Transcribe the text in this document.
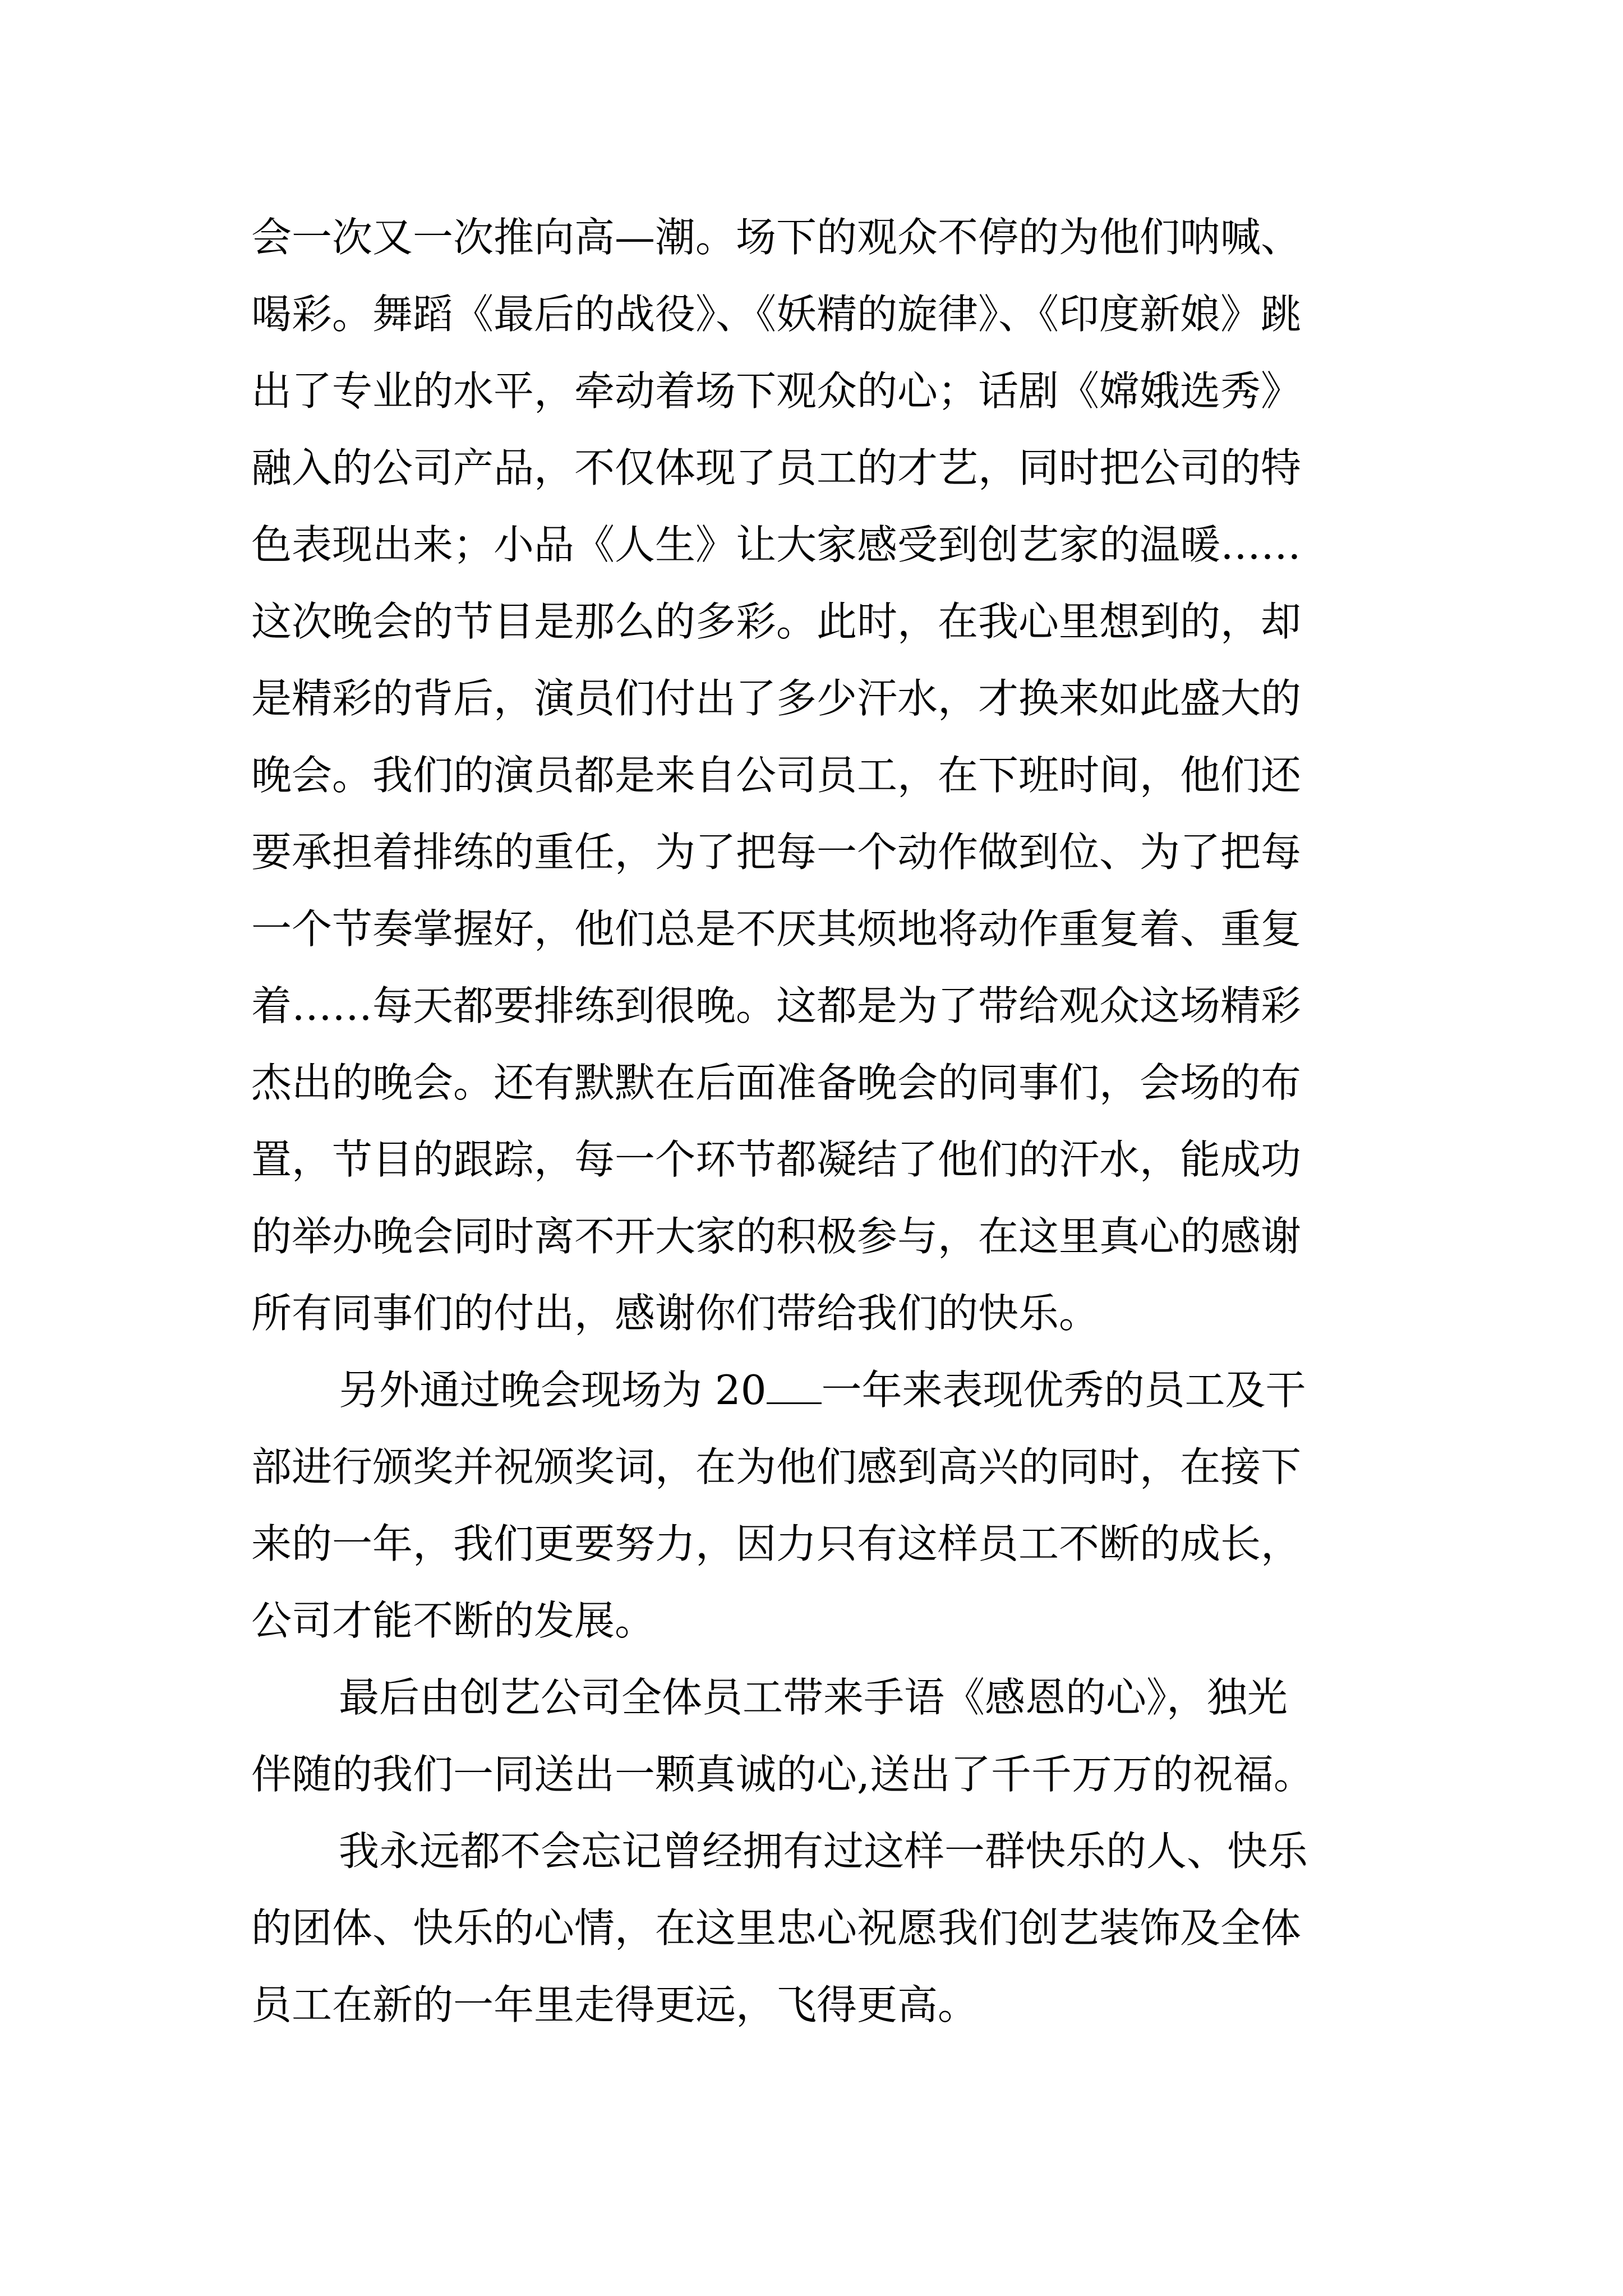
会一次又一次推向高—潮。场下的观众不停的为他们呐喊、

喝彩。舞蹈《最后的战役》、《妖精的旋律》、《印度新娘》跳

出了专业的水平，牵动着场下观众的心；话剧《嫦娥选秀》

融入的公司产品，不仅体现了员工的才艺，同时把公司的特

色表现出来；小品《人生》让大家感受到创艺家的温暖……

这次晚会的节目是那么的多彩。此时，在我心里想到的，却

是精彩的背后，演员们付出了多少汗水，才换来如此盛大的

晚会。我们的演员都是来自公司员工，在下班时间，他们还

要承担着排练的重任，为了把每一个动作做到位、为了把每

一个节奏掌握好，他们总是不厌其烦地将动作重复着、重复

着……每天都要排练到很晚。这都是为了带给观众这场精彩

杰出的晚会。还有默默在后面准备晚会的同事们，会场的布

置，节目的跟踪，每一个环节都凝结了他们的汗水，能成功

的举办晚会同时离不开大家的积极参与，在这里真心的感谢

所有同事们的付出，感谢你们带给我们的快乐。

另外通过晚会现场为 20 一年来表现优秀的员工及干

部进行颁奖并祝颁奖词，在为他们感到高兴的同时，在接下

来的一年，我们更要努力，因力只有这样员工不断的成长，

公司才能不断的发展。

最后由创艺公司全体员工带来手语《感恩的心》，独光

伴随的我们一同送出一颗真诚的心,送出了千千万万的祝福。

我永远都不会忘记曾经拥有过这样一群快乐的人、快乐

的团体、快乐的心情，在这里忠心祝愿我们创艺装饰及全体

员工在新的一年里走得更远，飞得更高。
